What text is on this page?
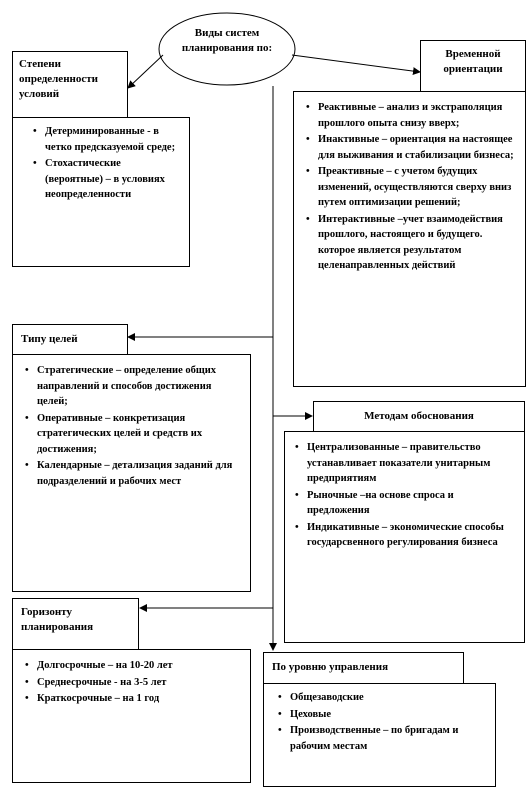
Виды систем планирования по:
Степени определенности условий
• Детерминированные - в четко предсказуемой среде;
• Стохастические (вероятные) – в условиях неопределенности
Временной ориентации
• Реактивные – анализ и экстраполяция прошлого опыта снизу вверх;
• Инактивные – ориентация на настоящее для выживания и стабилизации бизнеса;
• Преактивные – с учетом будущих изменений, осуществляются сверху вниз путем оптимизации решений;
• Интерактивные –учет взаимодействия прошлого, настоящего и будущего. которое является результатом целенаправленных действий
Типу целей
• Стратегические – определение общих направлений и способов достижения целей;
• Оперативные – конкретизация стратегических целей и средств их достижения;
• Календарные – детализация заданий для подразделений и рабочих мест
Методам обоснования
• Централизованные – правительство устанавливает показатели унитарным предприятиям
• Рыночные –на основе спроса и предложения
• Индикативные – экономические способы государсвенного регулирования бизнеса
Горизонту планирования
• Долгосрочные – на 10-20 лет
• Среднесрочные - на 3-5 лет
• Краткосрочные – на 1 год
По уровню управления
• Общезаводские
• Цеховые
• Производственные – по бригадам и рабочим местам
